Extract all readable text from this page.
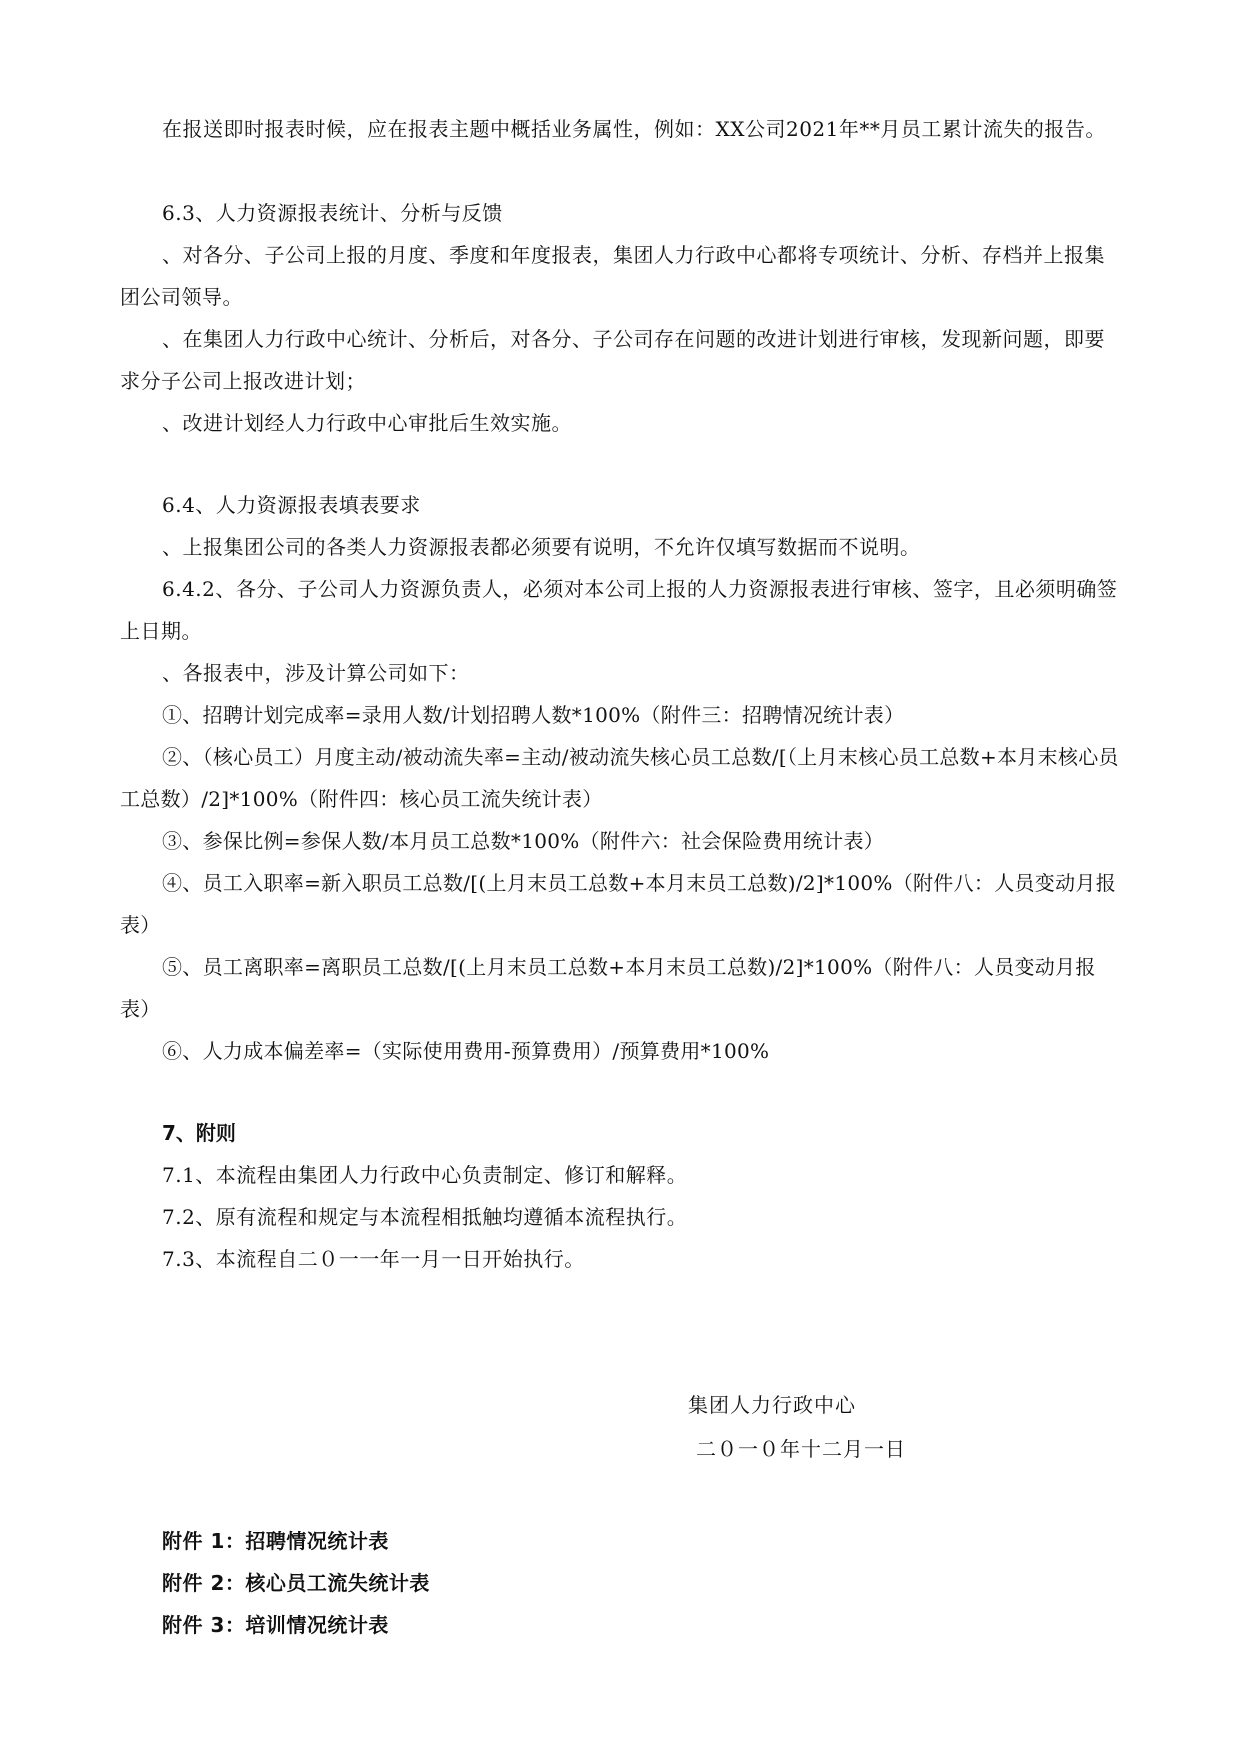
在报送即时报表时候，应在报表主题中概括业务属性，例如：XX公司2021年**月员工累计流失的报告。

6.3、人力资源报表统计、分析与反馈

、对各分、子公司上报的月度、季度和年度报表，集团人力行政中心都将专项统计、分析、存档并上报集团公司领导。

、在集团人力行政中心统计、分析后，对各分、子公司存在问题的改进计划进行审核，发现新问题，即要求分子公司上报改进计划；

、改进计划经人力行政中心审批后生效实施。

6.4、人力资源报表填表要求

、上报集团公司的各类人力资源报表都必须要有说明，不允许仅填写数据而不说明。

6.4.2、各分、子公司人力资源负责人，必须对本公司上报的人力资源报表进行审核、签字，且必须明确签上日期。

、各报表中，涉及计算公司如下：

①、招聘计划完成率=录用人数/计划招聘人数*100%（附件三：招聘情况统计表）

②、（核心员工）月度主动/被动流失率=主动/被动流失核心员工总数/[（上月末核心员工总数+本月末核心员工总数）/2]*100%（附件四：核心员工流失统计表）

③、参保比例=参保人数/本月员工总数*100%（附件六：社会保险费用统计表）

④、员工入职率=新入职员工总数/[(上月末员工总数+本月末员工总数)/2]*100%（附件八：人员变动月报表）

⑤、员工离职率=离职员工总数/[(上月末员工总数+本月末员工总数)/2]*100%（附件八：人员变动月报表）

⑥、人力成本偏差率=（实际使用费用-预算费用）/预算费用*100%

7、附则

7.1、本流程由集团人力行政中心负责制定、修订和解释。

7.2、原有流程和规定与本流程相抵触均遵循本流程执行。

7.3、本流程自二０一一年一月一日开始执行。

集团人力行政中心

二０一０年十二月一日

附件 1：招聘情况统计表

附件 2：核心员工流失统计表

附件 3：培训情况统计表
